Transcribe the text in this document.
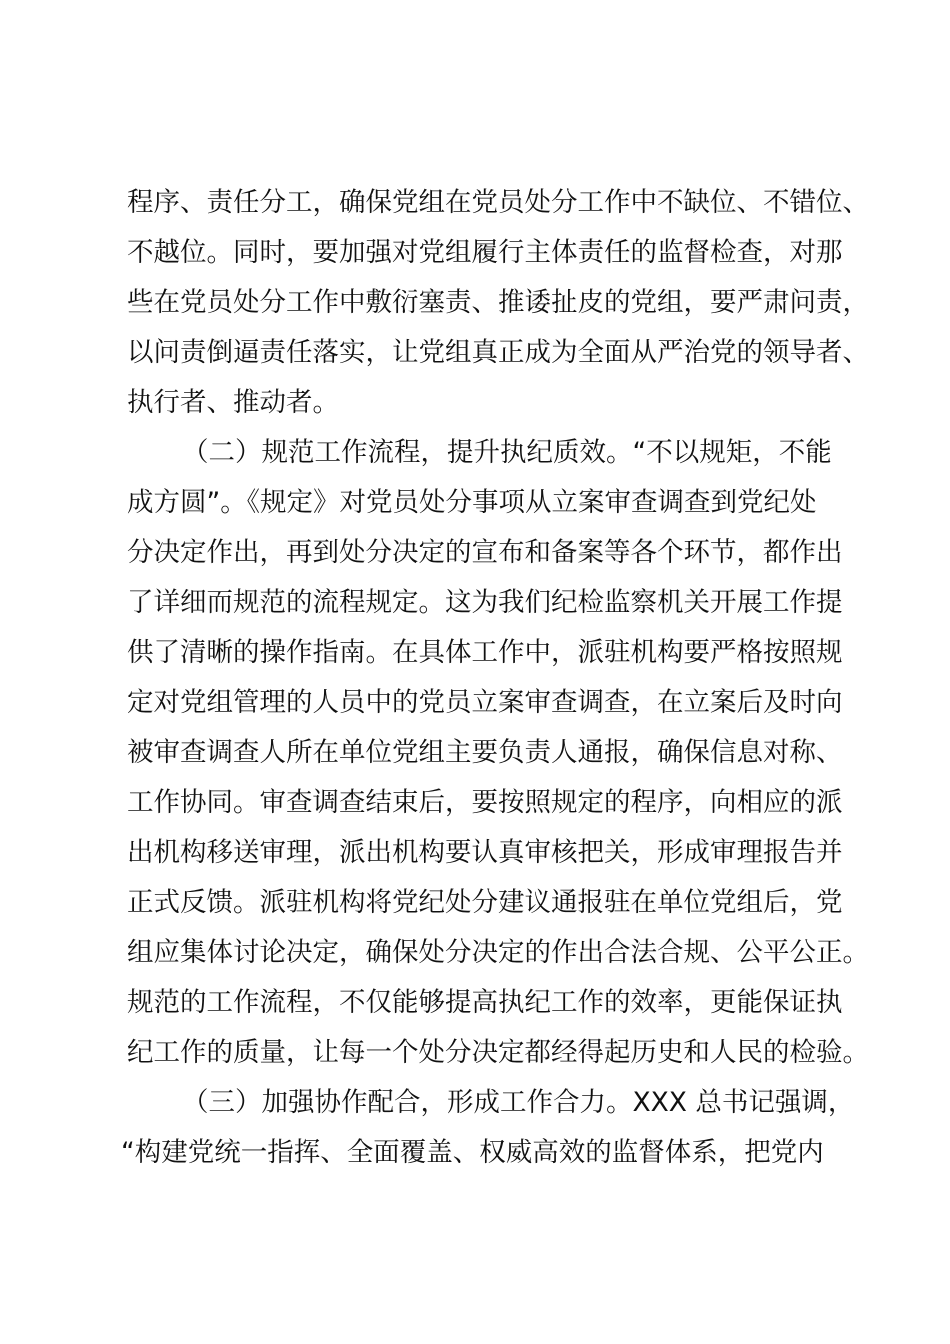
程序、责任分工，确保党组在党员处分工作中不缺位、不错位、
不越位。同时，要加强对党组履行主体责任的监督检查，对那
些在党员处分工作中敷衍塞责、推诿扯皮的党组，要严肃问责，
以问责倒逼责任落实，让党组真正成为全面从严治党的领导者、
执行者、推动者。
（二）规范工作流程，提升执纪质效。“不以规矩，不能
成方圆”。《规定》对党员处分事项从立案审查调查到党纪处
分决定作出，再到处分决定的宣布和备案等各个环节，都作出
了详细而规范的流程规定。这为我们纪检监察机关开展工作提
供了清晰的操作指南。在具体工作中，派驻机构要严格按照规
定对党组管理的人员中的党员立案审查调查，在立案后及时向
被审查调查人所在单位党组主要负责人通报，确保信息对称、
工作协同。审查调查结束后，要按照规定的程序，向相应的派
出机构移送审理，派出机构要认真审核把关，形成审理报告并
正式反馈。派驻机构将党纪处分建议通报驻在单位党组后，党
组应集体讨论决定，确保处分决定的作出合法合规、公平公正。
规范的工作流程，不仅能够提高执纪工作的效率，更能保证执
纪工作的质量，让每一个处分决定都经得起历史和人民的检验。
（三）加强协作配合，形成工作合力。XXX 总书记强调，
“构建党统一指挥、全面覆盖、权威高效的监督体系，把党内
